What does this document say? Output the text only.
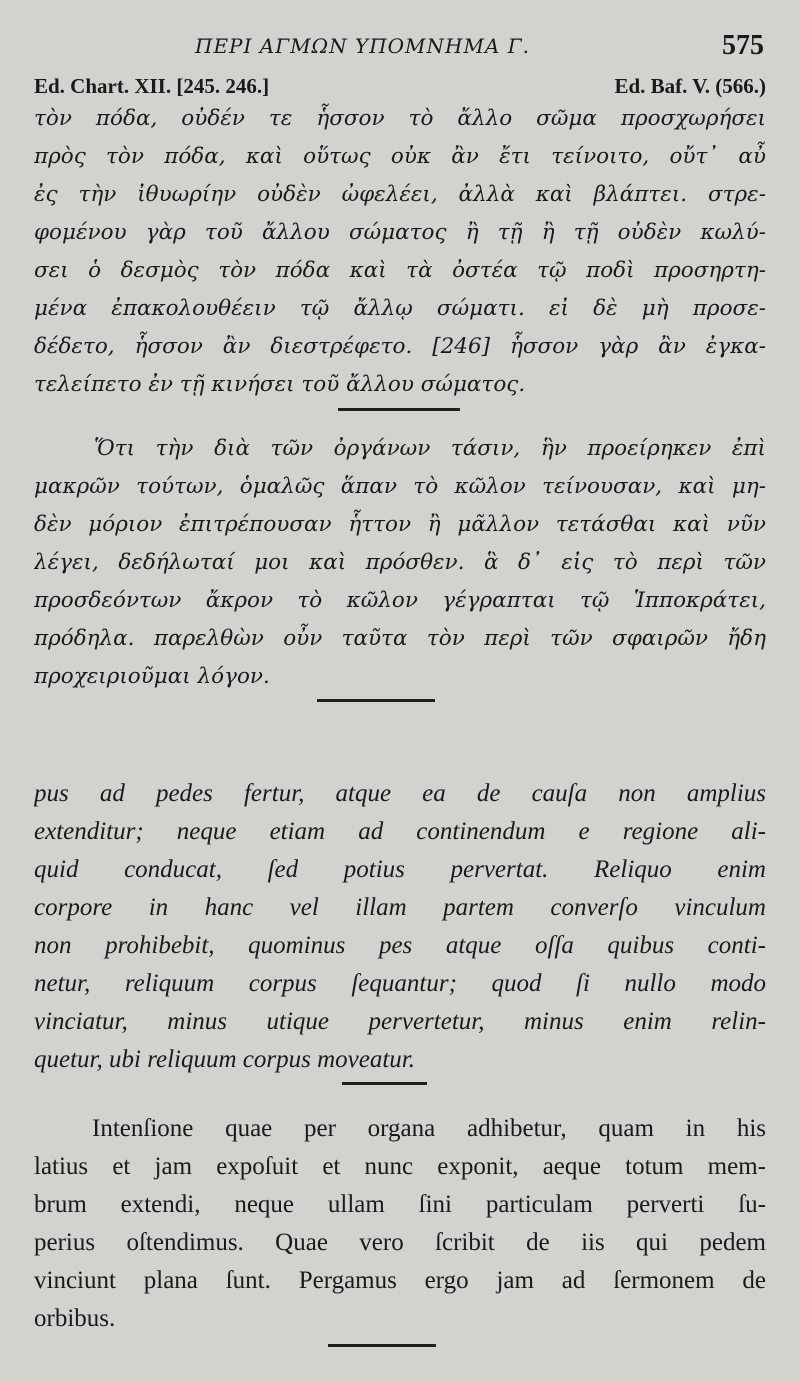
ΠΕΡΙ ΑΓΜΩΝ ΥΠΟΜΝΗΜΑ Γ.	575
Ed. Chart. XII. [245. 246.]	Ed. Baf. V. (566.)
τὸν πόδα, οὐδέν τε ἧσσον τὸ ἄλλο σῶμα προσχωρήσει
πρὸς τὸν πόδα, καὶ οὕτως οὐκ ἂν ἔτι τείνοιτο, οὔτ᾽ αὖ
ἐς τὴν ἰθυωρίην οὐδὲν ὠφελέει, ἀλλὰ καὶ βλάπτει. στρε-
φομένου γὰρ τοῦ ἄλλου σώματος ἢ τῇ ἢ τῇ οὐδὲν κωλύ-
σει ὁ δεσμὸς τὸν πόδα καὶ τὰ ὀστέα τῷ ποδὶ προσηρτη-
μένα ἐπακολουθέειν τῷ ἄλλῳ σώματι. εἰ δὲ μὴ προσε-
δέδετο, ἧσσον ἂν διεστρέφετο. [246] ἧσσον γὰρ ἂν ἐγκα-
τελείπετο ἐν τῇ κινήσει τοῦ ἄλλου σώματος.
Ὅτι τὴν διὰ τῶν ὀργάνων τάσιν, ἣν προείρηκεν ἐπὶ
μακρῶν τούτων, ὁμαλῶς ἅπαν τὸ κῶλον τείνουσαν, καὶ μη-
δὲν μόριον ἐπιτρέπουσαν ἧττον ἢ μᾶλλον τετάσθαι καὶ νῦν
λέγει, δεδήλωταί μοι καὶ πρόσθεν. ἃ δ᾽ εἰς τὸ περὶ τῶν
προσδεόντων ἄκρον τὸ κῶλον γέγραπται τῷ Ἱπποκράτει,
πρόδηλα. παρελθὼν οὖν ταῦτα τὸν περὶ τῶν σφαιρῶν ἤδη
προχειριοῦμαι λόγον.
pus ad pedes fertur, atque ea de cauſa non amplius
extenditur; neque etiam ad continendum e regione ali-
quid conducat, ſed potius pervertat. Reliquo enim
corpore in hanc vel illam partem converſo vinculum
non prohibebit, quominus pes atque oſſa quibus conti-
netur, reliquum corpus ſequantur; quod ſi nullo modo
vinciatur, minus utique pervertetur, minus enim relin-
quetur, ubi reliquum corpus moveatur.
Intenſione quae per organa adhibetur, quam in his
latius et jam expoſuit et nunc exponit, aeque totum mem-
brum extendi, neque ullam ſini particulam perverti ſu-
perius oſtendimus. Quae vero ſcribit de iis qui pedem
vinciunt plana ſunt. Pergamus ergo jam ad ſermonem de
orbibus.
